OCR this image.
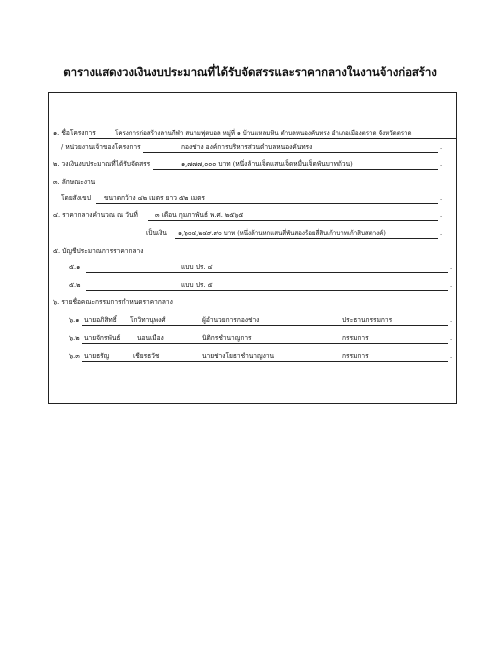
ตารางแสดงวงเงินงบประมาณที่ได้รับจัดสรรและราคากลางในงานจ้างก่อสร้าง
๑. ชื่อโครงการ	โครงการก่อสร้างลานกีฬา สนามฟุตบอล หมู่ที่ ๑ บ้านแหลมหิน ตำบลหนองคันทรง อำเภอเมืองตราด จังหวัดตราด
/ หน่วยงานเจ้าของโครงการ	กองช่าง องค์การบริหารส่วนตำบลหนองคันทรง	.
๒. วงเงินงบประมาณที่ได้รับจัดสรร	๑,๗๗๗,๐๐๐ บาท (หนึ่งล้านเจ็ดแสนเจ็ดหมื่นเจ็ดพันบาทถ้วน)	.
๓. ลักษณะงาน
โดยสังเขป ขนาดกว้าง ๔๒ เมตร ยาว ๕๒ เมตร	.
๔. ราคากลางคำนวณ ณ วันที่	๓ เดือน กุมภาพันธ์ พ.ศ. ๒๕๖๕	.
เป็นเงิน ๑,๖๐๔,๒๔๙.๙๐ บาท (หนึ่งล้านหกแสนสี่พันสองร้อยสี่สิบเก้าบาทเก้าสิบสตางค์)	.
๕. บัญชีประมาณการราคากลาง
๕.๑	แบบ ปร. ๔	.
๕.๒	แบบ ปร. ๕	.
๖. รายชื่อคณะกรรมการกำหนดราคากลาง
๖.๑ นายอภิสิทธิ์ โกวิทานุพงศ์	ผู้อำนวยการกองช่าง	ประธานกรรมการ	.
๖.๒ นายจักรพันธ์	นอนเมือง	นิติกรชำนาญการ	กรรมการ	.
๖.๓ นายธรัญ	เชียรธวัช	นายช่างโยธาชำนาญงาน	กรรมการ	.
